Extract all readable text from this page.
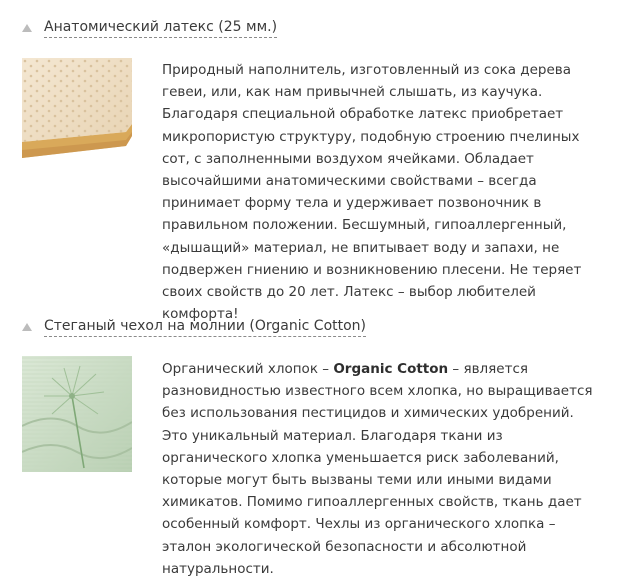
Анатомический латекс (25 мм.)

Природный наполнитель, изготовленный из сока дерева гевеи, или, как нам привычней слышать, из каучука. Благодаря специальной обработке латекс приобретает микропористую структуру, подобную строению пчелиных сот, с заполненными воздухом ячейками. Обладает высочайшими анатомическими свойствами – всегда принимает форму тела и удерживает позвоночник в правильном положении. Бесшумный, гипоаллергенный, «дышащий» материал, не впитывает воду и запахи, не подвержен гниению и возникновению плесени. Не теряет своих свойств до 20 лет. Латекс – выбор любителей комфорта!

Стеганый чехол на молнии (Organic Cotton)

Органический хлопок – Organic Cotton – является разновидностью известного всем хлопка, но выращивается без использования пестицидов и химических удобрений. Это уникальный материал. Благодаря ткани из органического хлопка уменьшается риск заболеваний, которые могут быть вызваны теми или иными видами химикатов. Помимо гипоаллергенных свойств, ткань дает особенный комфорт. Чехлы из органического хлопка – эталон экологической безопасности и абсолютной натуральности.
